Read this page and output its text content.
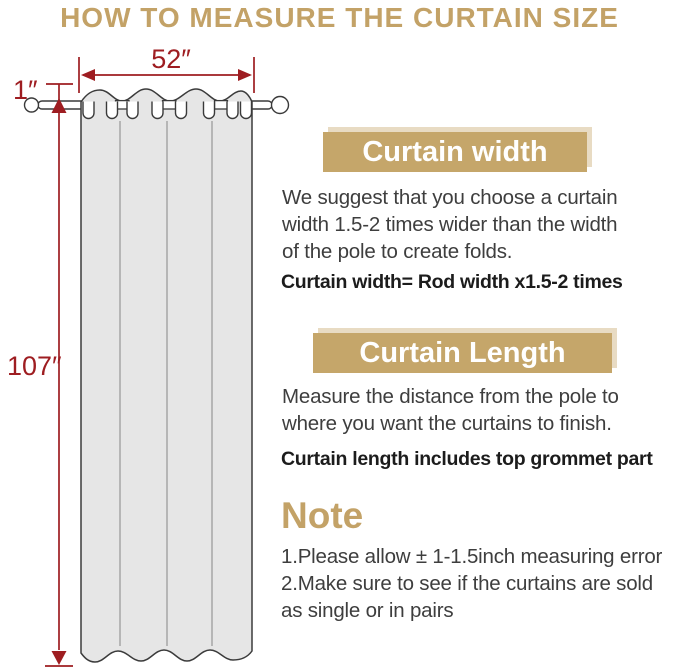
HOW TO MEASURE THE CURTAIN SIZE
52″
1″
107″
Curtain width
We suggest that you choose a curtain
width 1.5-2 times wider than the width
of the pole to create folds.
Curtain width= Rod width x1.5-2 times
Curtain Length
Measure the distance from the pole to
where you want the curtains to finish.
Curtain length includes top grommet part
Note
1.Please allow ± 1-1.5inch measuring error
2.Make sure to see if the curtains are sold
as single or in pairs
